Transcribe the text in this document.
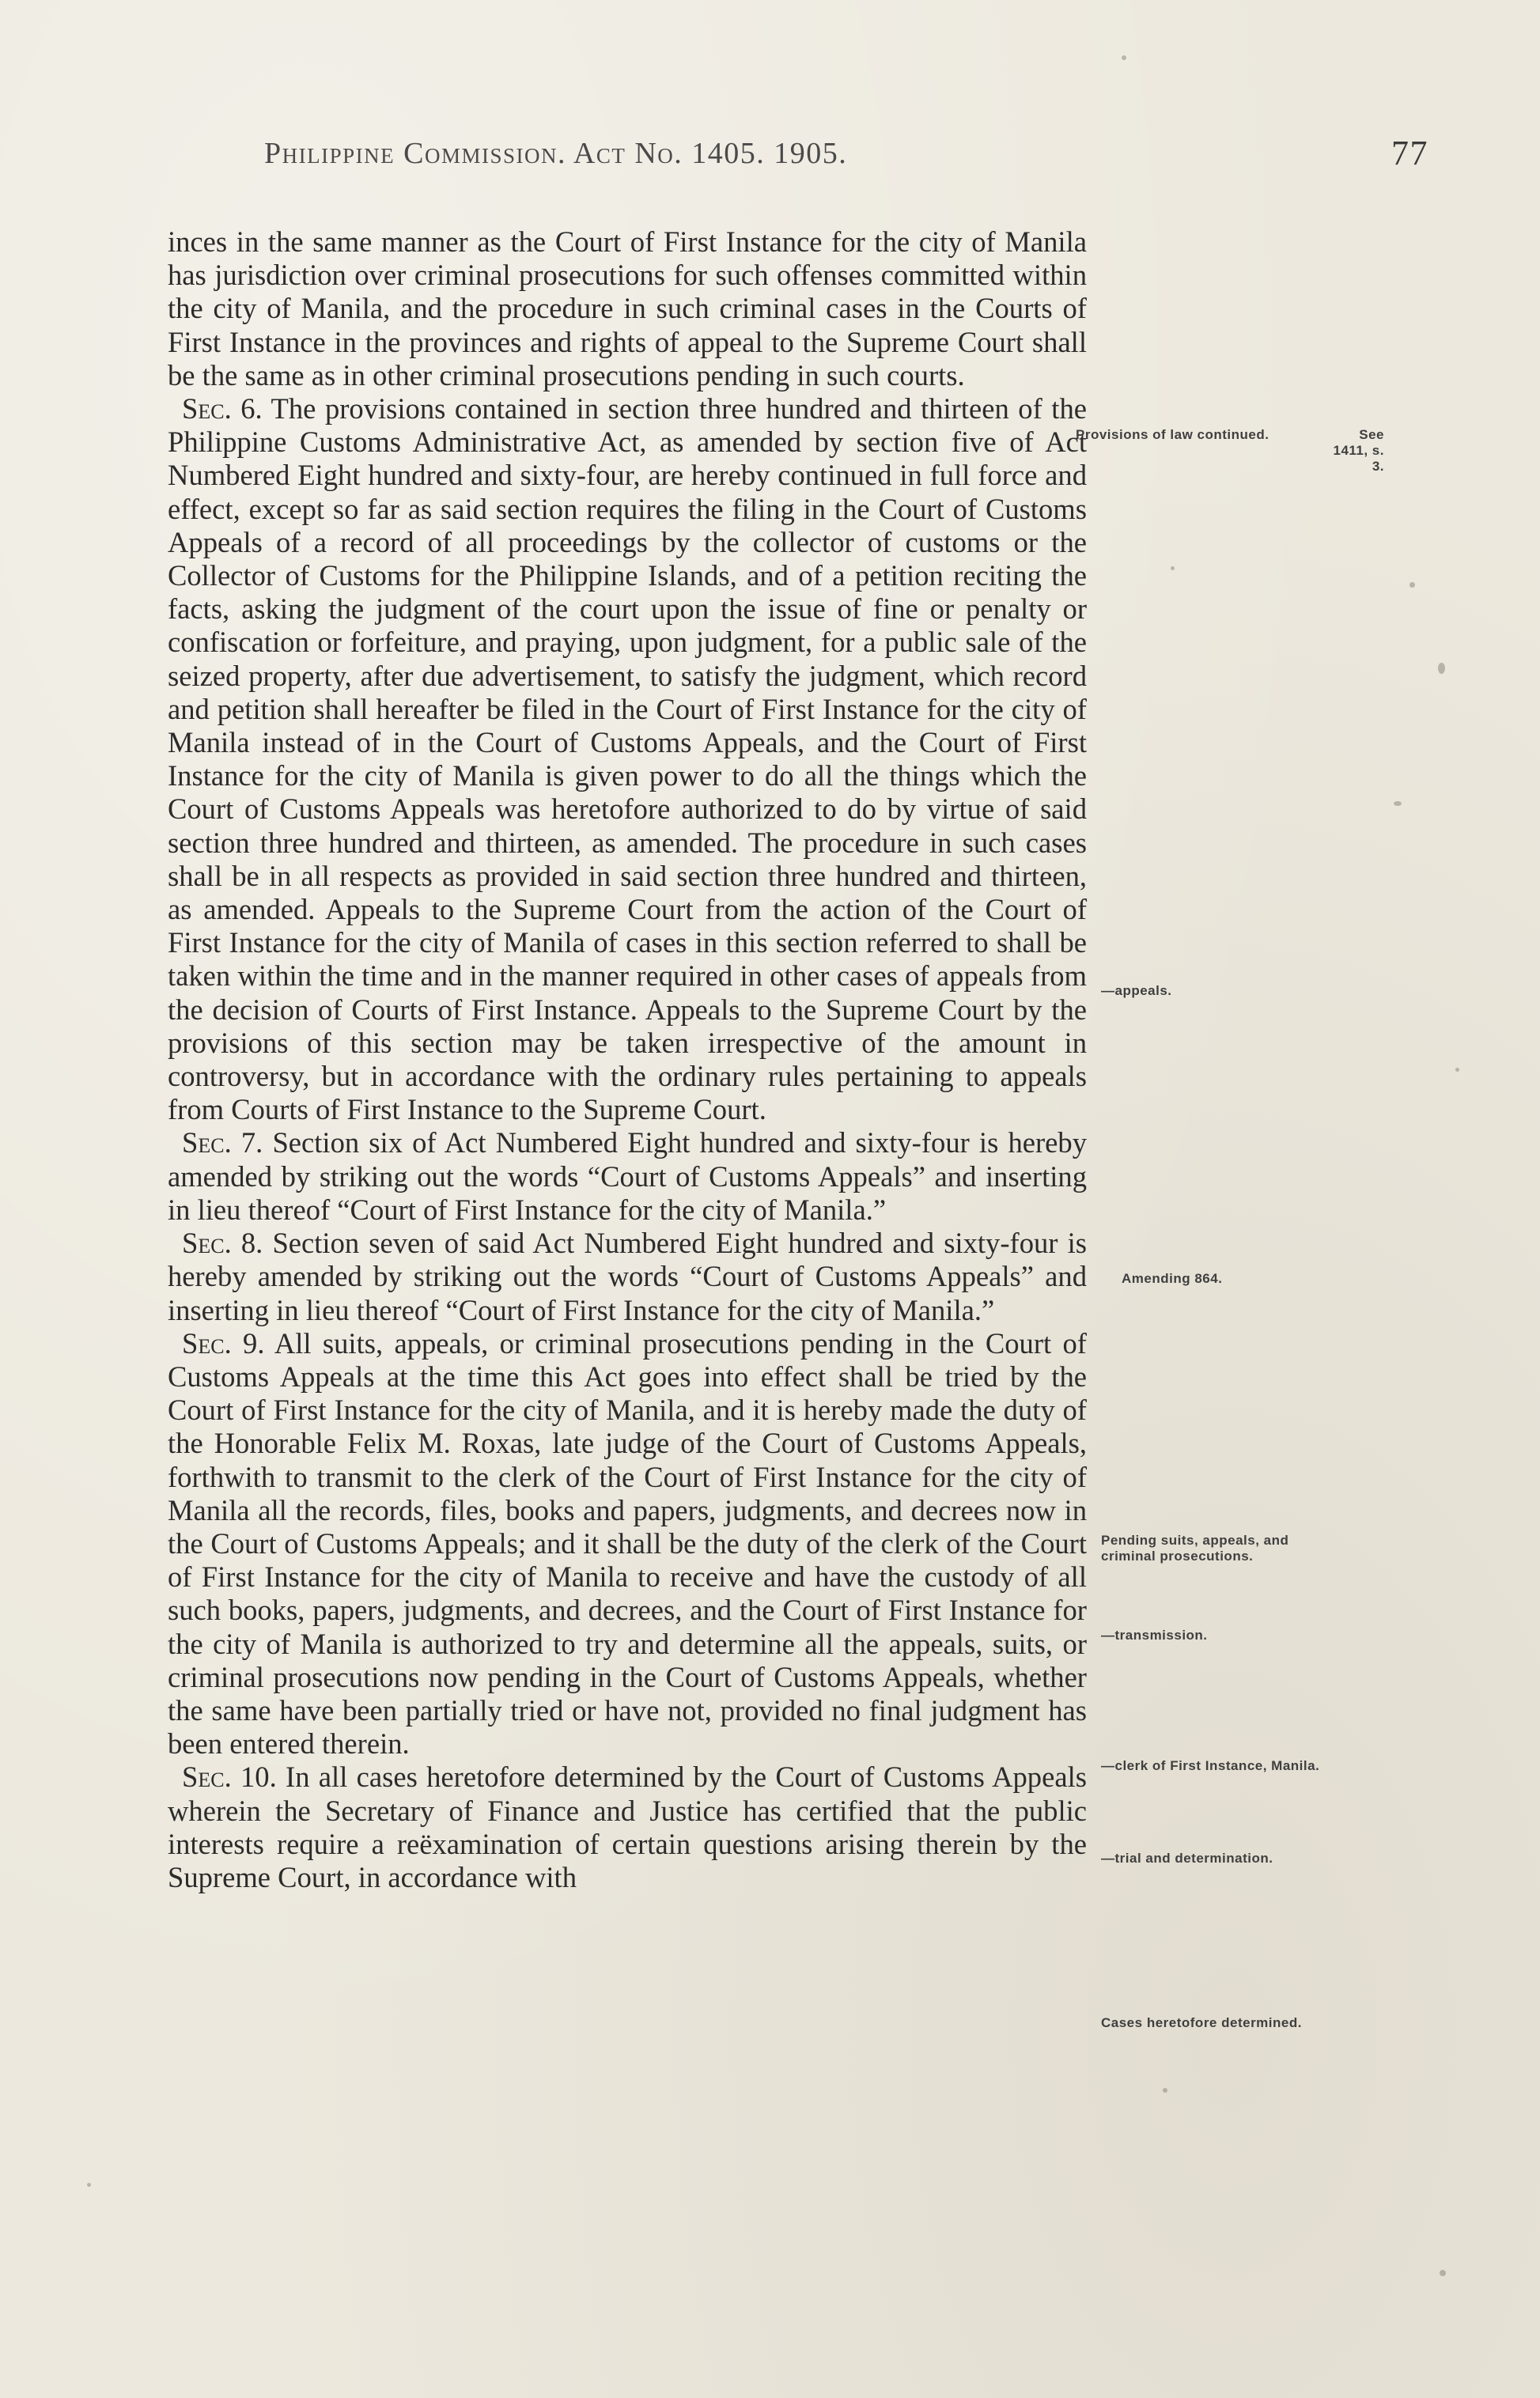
Philippine Commission. Act No. 1405. 1905.	77

inces in the same manner as the Court of First Instance for the city of Manila has jurisdiction over criminal prosecutions for such offenses committed within the city of Manila, and the procedure in such criminal cases in the Courts of First Instance in the provinces and rights of appeal to the Supreme Court shall be the same as in other criminal prosecutions pending in such courts.

Sec. 6. The provisions contained in section three hundred and thirteen of the Philippine Customs Administrative Act, as amended by section five of Act Numbered Eight hundred and sixty-four, are hereby continued in full force and effect, except so far as said section requires the filing in the Court of Customs Appeals of a record of all proceedings by the collector of customs or the Collector of Customs for the Philippine Islands, and of a petition reciting the facts, asking the judgment of the court upon the issue of fine or penalty or confiscation or forfeiture, and praying, upon judgment, for a public sale of the seized property, after due advertisement, to satisfy the judgment, which record and petition shall hereafter be filed in the Court of First Instance for the city of Manila instead of in the Court of Customs Appeals, and the Court of First Instance for the city of Manila is given power to do all the things which the Court of Customs Appeals was heretofore authorized to do by virtue of said section three hundred and thirteen, as amended. The procedure in such cases shall be in all respects as provided in said section three hundred and thirteen, as amended. Appeals to the Supreme Court from the action of the Court of First Instance for the city of Manila of cases in this section referred to shall be taken within the time and in the manner required in other cases of appeals from the decision of Courts of First Instance. Appeals to the Supreme Court by the provisions of this section may be taken irrespective of the amount in controversy, but in accordance with the ordinary rules pertaining to appeals from Courts of First Instance to the Supreme Court.

Sec. 7. Section six of Act Numbered Eight hundred and sixty-four is hereby amended by striking out the words “Court of Customs Appeals” and inserting in lieu thereof “Court of First Instance for the city of Manila.”

Sec. 8. Section seven of said Act Numbered Eight hundred and sixty-four is hereby amended by striking out the words “Court of Customs Appeals” and inserting in lieu thereof “Court of First Instance for the city of Manila.”

Sec. 9. All suits, appeals, or criminal prosecutions pending in the Court of Customs Appeals at the time this Act goes into effect shall be tried by the Court of First Instance for the city of Manila, and it is hereby made the duty of the Honorable Felix M. Roxas, late judge of the Court of Customs Appeals, forthwith to transmit to the clerk of the Court of First Instance for the city of Manila all the records, files, books and papers, judgments, and decrees now in the Court of Customs Appeals; and it shall be the duty of the clerk of the Court of First Instance for the city of Manila to receive and have the custody of all such books, papers, judgments, and decrees, and the Court of First Instance for the city of Manila is authorized to try and determine all the appeals, suits, or criminal prosecutions now pending in the Court of Customs Appeals, whether the same have been partially tried or have not, provided no final judgment has been entered therein.

Sec. 10. In all cases heretofore determined by the Court of Customs Appeals wherein the Secretary of Finance and Justice has certified that the public interests require a reëxamination of certain questions arising therein by the Supreme Court, in accordance with

Provisions of law continued.	See 1411, s. 3.
—appeals.
Amending 864.
Pending suits, appeals, and criminal prosecutions.
—transmission.
—clerk of First Instance, Manila.
—trial and determination.
Cases heretofore determined.
